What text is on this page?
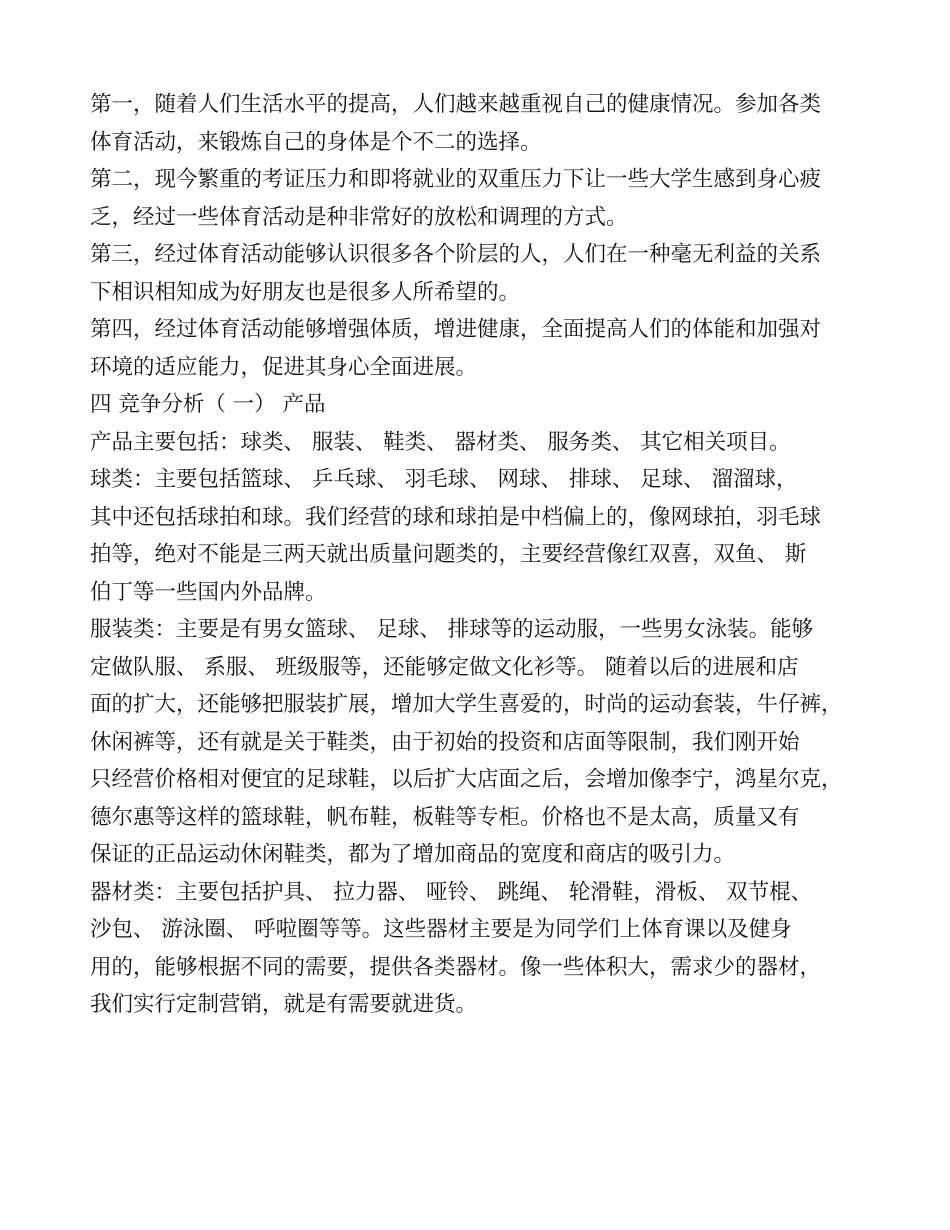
第一，随着人们生活水平的提高，人们越来越重视自己的健康情况。参加各类
体育活动，来锻炼自己的身体是个不二的选择。
第二，现今繁重的考证压力和即将就业的双重压力下让一些大学生感到身心疲
乏，经过一些体育活动是种非常好的放松和调理的方式。
第三，经过体育活动能够认识很多各个阶层的人，人们在一种毫无利益的关系
下相识相知成为好朋友也是很多人所希望的。
第四，经过体育活动能够增强体质，增进健康，全面提高人们的体能和加强对
环境的适应能力，促进其身心全面进展。
四 竞争分析（ 一） 产品
产品主要包括：球类、 服装、 鞋类、 器材类、 服务类、 其它相关项目。
球类：主要包括篮球、 乒乓球、 羽毛球、 网球、 排球、 足球、 溜溜球，
其中还包括球拍和球。我们经营的球和球拍是中档偏上的，像网球拍，羽毛球
拍等，绝对不能是三两天就出质量问题类的，主要经营像红双喜，双鱼、 斯
伯丁等一些国内外品牌。
服装类：主要是有男女篮球、 足球、 排球等的运动服，一些男女泳装。能够
定做队服、 系服、 班级服等，还能够定做文化衫等。 随着以后的进展和店
面的扩大，还能够把服装扩展，增加大学生喜爱的，时尚的运动套装，牛仔裤，
休闲裤等，还有就是关于鞋类，由于初始的投资和店面等限制，我们刚开始
只经营价格相对便宜的足球鞋，以后扩大店面之后，会增加像李宁，鸿星尔克，
德尔惠等这样的篮球鞋，帆布鞋，板鞋等专柜。价格也不是太高，质量又有
保证的正品运动休闲鞋类，都为了增加商品的宽度和商店的吸引力。
器材类：主要包括护具、 拉力器、 哑铃、 跳绳、 轮滑鞋，滑板、 双节棍、
沙包、 游泳圈、 呼啦圈等等。这些器材主要是为同学们上体育课以及健身
用的，能够根据不同的需要，提供各类器材。像一些体积大，需求少的器材，
我们实行定制营销，就是有需要就进货。
